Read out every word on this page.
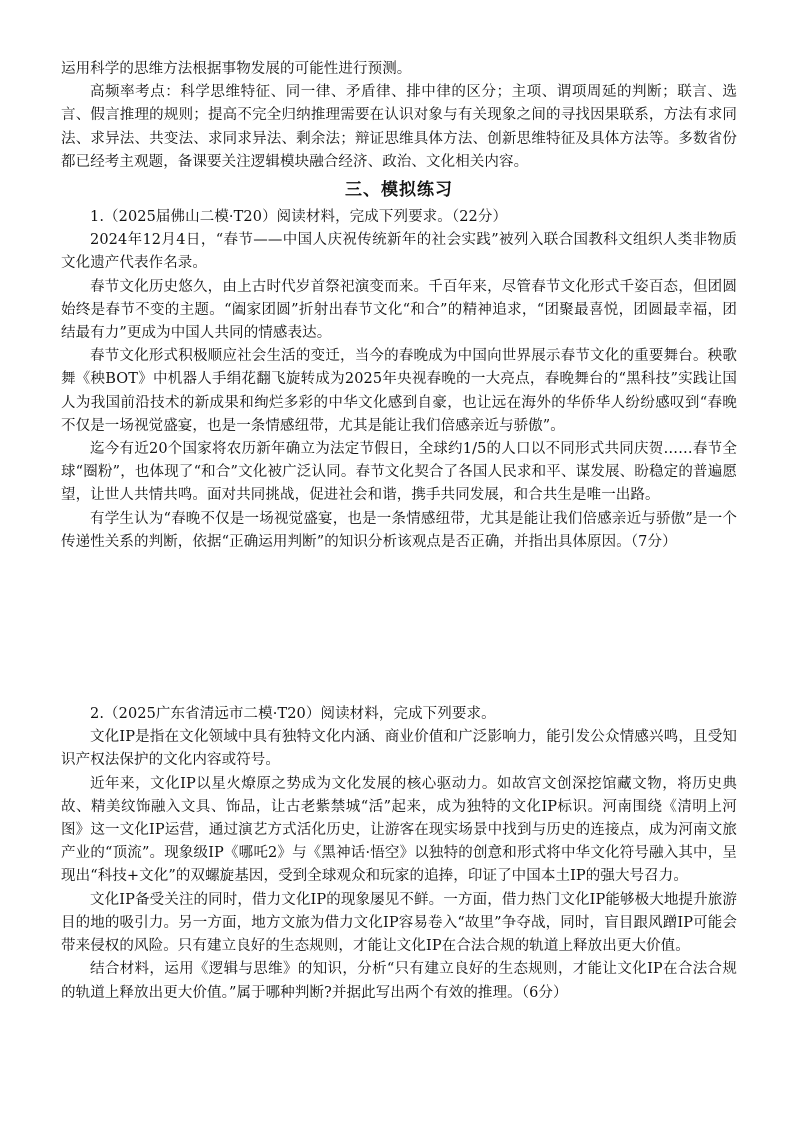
运用科学的思维方法根据事物发展的可能性进行预测。

高频率考点：科学思维特征、同一律、矛盾律、排中律的区分；主项、谓项周延的判断；联言、选言、假言推理的规则；提高不完全归纳推理需要在认识对象与有关现象之间的寻找因果联系，方法有求同法、求异法、共变法、求同求异法、剩余法；辩证思维具体方法、创新思维特征及具体方法等。多数省份都已经考主观题，备课要关注逻辑模块融合经济、政治、文化相关内容。

三、模拟练习

1.（2025届佛山二模·T20）阅读材料，完成下列要求。（22分）

2024年12月4日，“春节——中国人庆祝传统新年的社会实践”被列入联合国教科文组织人类非物质文化遗产代表作名录。

春节文化历史悠久，由上古时代岁首祭祀演变而来。千百年来，尽管春节文化形式千姿百态，但团圆始终是春节不变的主题。“阖家团圆”折射出春节文化“和合”的精神追求，“团聚最喜悦，团圆最幸福，团结最有力”更成为中国人共同的情感表达。

春节文化形式积极顺应社会生活的变迁，当今的春晚成为中国向世界展示春节文化的重要舞台。秧歌舞《秧BOT》中机器人手绢花翻飞旋转成为2025年央视春晚的一大亮点，春晚舞台的“黑科技”实践让国人为我国前沿技术的新成果和绚烂多彩的中华文化感到自豪，也让远在海外的华侨华人纷纷感叹到“春晚不仅是一场视觉盛宴，也是一条情感纽带，尤其是能让我们倍感亲近与骄傲”。

迄今有近20个国家将农历新年确立为法定节假日，全球约1/5的人口以不同形式共同庆贺……春节全球“圈粉”，也体现了“和合”文化被广泛认同。春节文化契合了各国人民求和平、谋发展、盼稳定的普遍愿望，让世人共情共鸣。面对共同挑战，促进社会和谐，携手共同发展，和合共生是唯一出路。

有学生认为“春晚不仅是一场视觉盛宴，也是一条情感纽带，尤其是能让我们倍感亲近与骄傲”是一个传递性关系的判断，依据“正确运用判断”的知识分析该观点是否正确，并指出具体原因。（7分）

2.（2025广东省清远市二模·T20）阅读材料，完成下列要求。

文化IP是指在文化领域中具有独特文化内涵、商业价值和广泛影响力，能引发公众情感兴鸣，且受知识产权法保护的文化内容或符号。

近年来，文化IP以星火燎原之势成为文化发展的核心驱动力。如故宫文创深挖馆藏文物，将历史典故、精美纹饰融入文具、饰品，让古老紫禁城“活”起来，成为独特的文化IP标识。河南围绕《清明上河图》这一文化IP运营，通过演艺方式活化历史，让游客在现实场景中找到与历史的连接点，成为河南文旅产业的“顶流”。现象级IP《哪吒2》与《黑神话·悟空》以独特的创意和形式将中华文化符号融入其中，呈现出“科技+文化”的双螺旋基因，受到全球观众和玩家的追捧，印证了中国本土IP的强大号召力。

文化IP备受关注的同时，借力文化IP的现象屡见不鲜。一方面，借力热门文化IP能够极大地提升旅游目的地的吸引力。另一方面，地方文旅为借力文化IP容易卷入“故里”争夺战，同时，盲目跟风蹭IP可能会带来侵权的风险。只有建立良好的生态规则，才能让文化IP在合法合规的轨道上释放出更大价值。

结合材料，运用《逻辑与思维》的知识，分析“只有建立良好的生态规则，才能让文化IP在合法合规的轨道上释放出更大价值。”属于哪种判断?并据此写出两个有效的推理。（6分）
